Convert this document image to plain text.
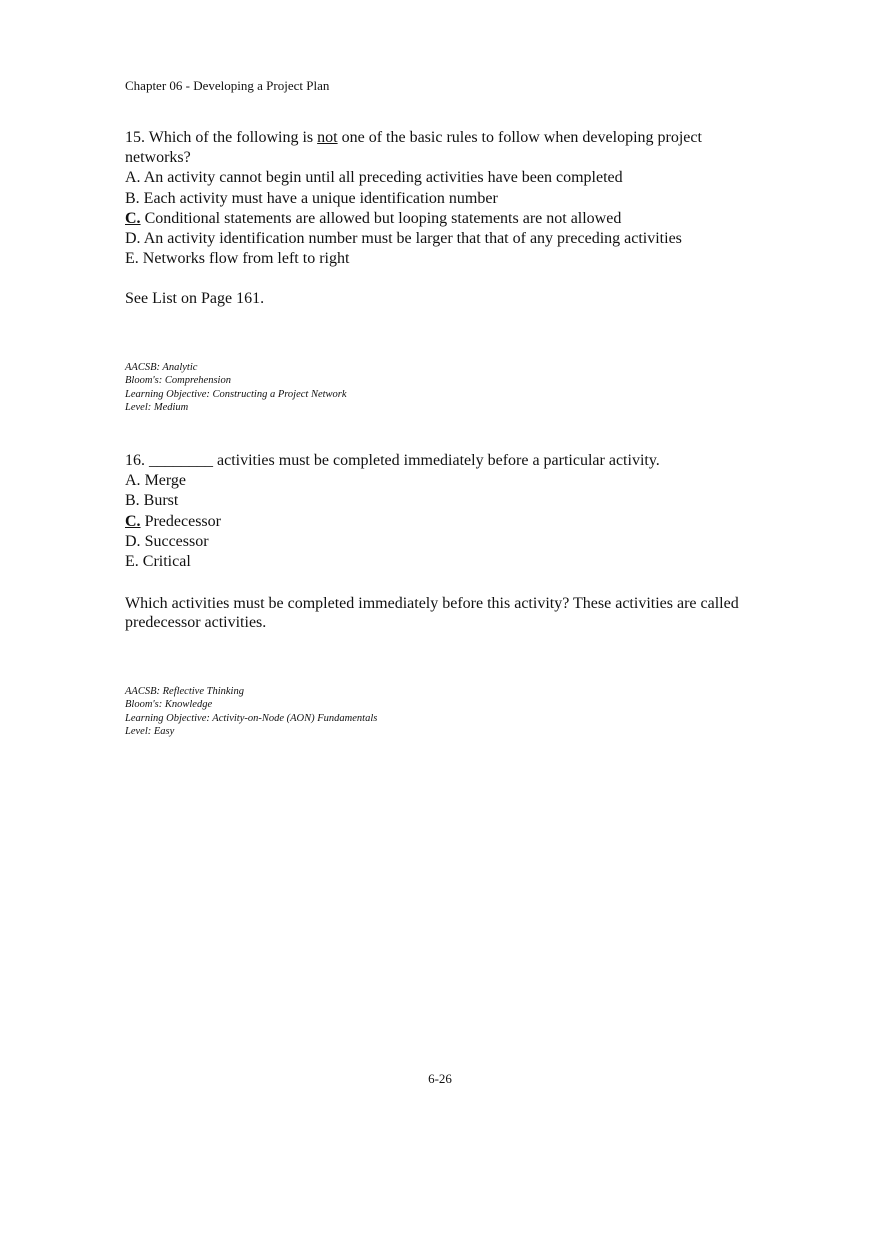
Chapter 06 - Developing a Project Plan

15. Which of the following is not one of the basic rules to follow when developing project networks?

A. An activity cannot begin until all preceding activities have been completed
B. Each activity must have a unique identification number
C. Conditional statements are allowed but looping statements are not allowed
D. An activity identification number must be larger that that of any preceding activities
E. Networks flow from left to right
See List on Page 161.
AACSB: Analytic
Bloom's: Comprehension
Learning Objective: Constructing a Project Network
Level: Medium

16. ________ activities must be completed immediately before a particular activity.

A. Merge
B. Burst
C. Predecessor
D. Successor
E. Critical
Which activities must be completed immediately before this activity? These activities are called predecessor activities.
AACSB: Reflective Thinking
Bloom's: Knowledge
Learning Objective: Activity-on-Node (AON) Fundamentals
Level: Easy
6-26
